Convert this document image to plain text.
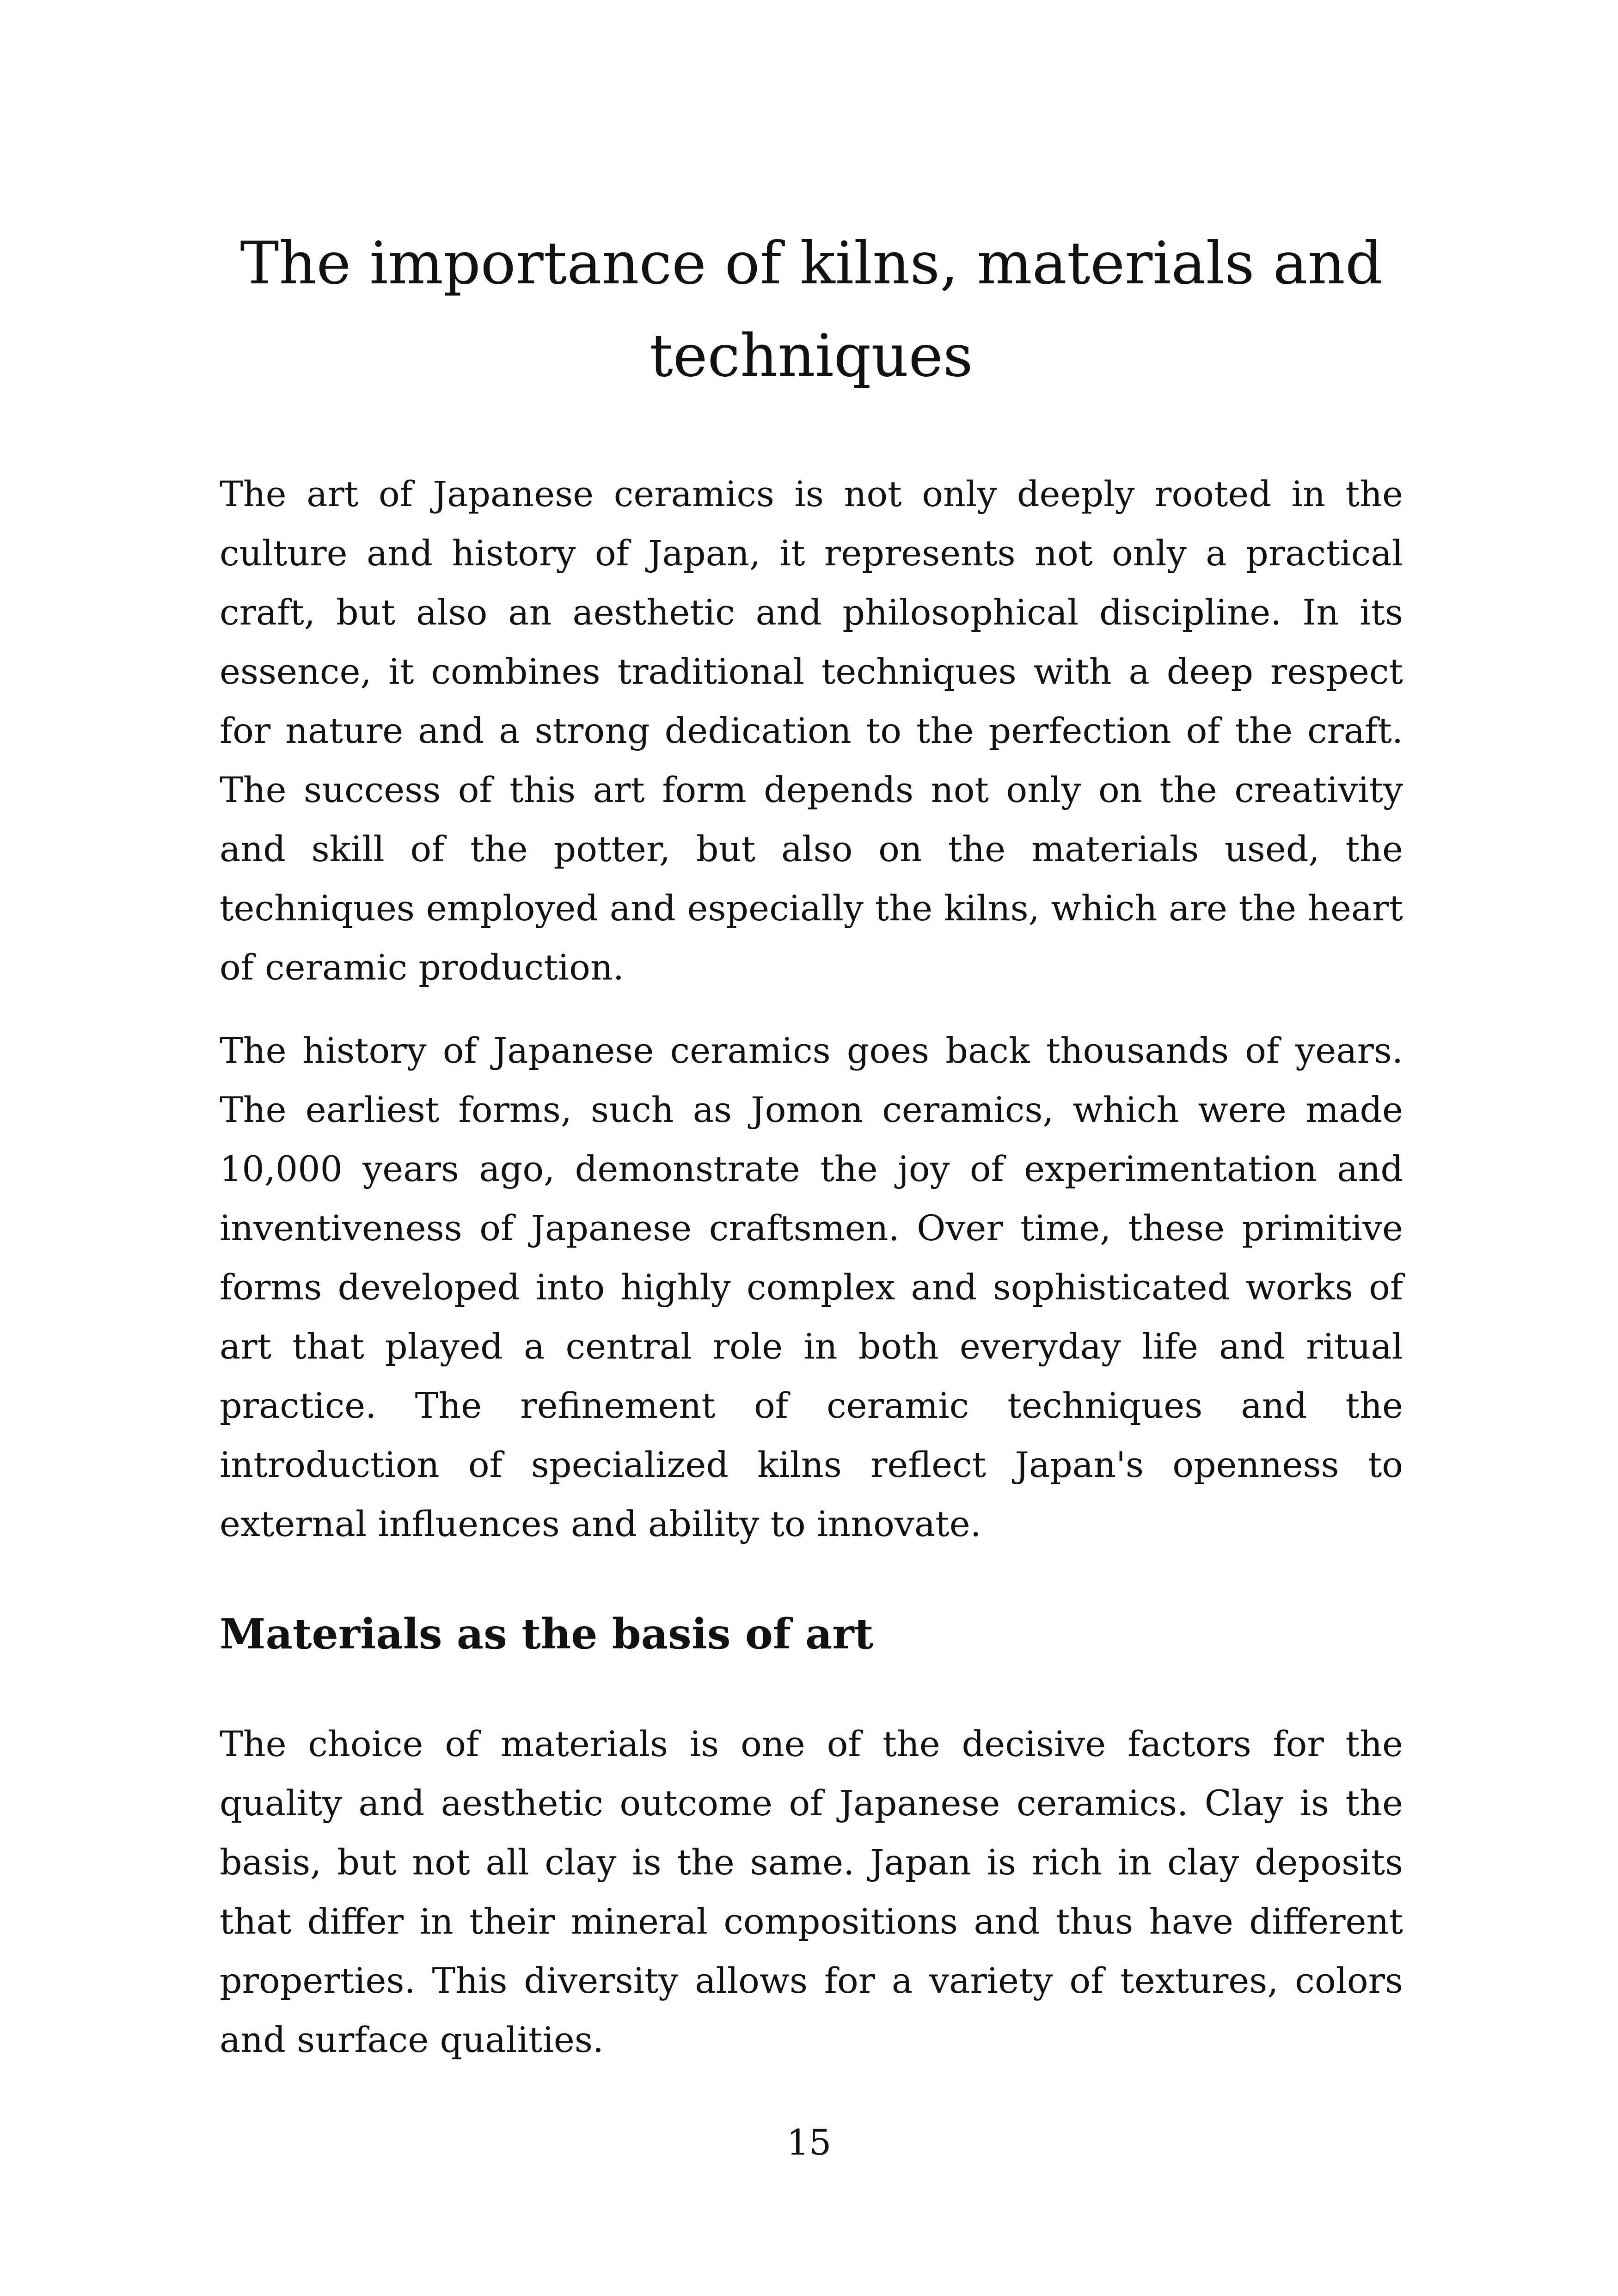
The importance of kilns, materials and techniques

The art of Japanese ceramics is not only deeply rooted in the culture and history of Japan, it represents not only a practical craft, but also an aesthetic and philosophical discipline. In its essence, it combines traditional techniques with a deep respect for nature and a strong dedication to the perfection of the craft. The success of this art form depends not only on the creativity and skill of the potter, but also on the materials used, the techniques employed and especially the kilns, which are the heart of ceramic production.

The history of Japanese ceramics goes back thousands of years. The earliest forms, such as Jomon ceramics, which were made 10,000 years ago, demonstrate the joy of experimentation and inventiveness of Japanese craftsmen. Over time, these primitive forms developed into highly complex and sophisticated works of art that played a central role in both everyday life and ritual practice. The refinement of ceramic techniques and the introduction of specialized kilns reflect Japan's openness to external influences and ability to innovate.

Materials as the basis of art

The choice of materials is one of the decisive factors for the quality and aesthetic outcome of Japanese ceramics. Clay is the basis, but not all clay is the same. Japan is rich in clay deposits that differ in their mineral compositions and thus have different properties. This diversity allows for a variety of textures, colors and surface qualities.

15
